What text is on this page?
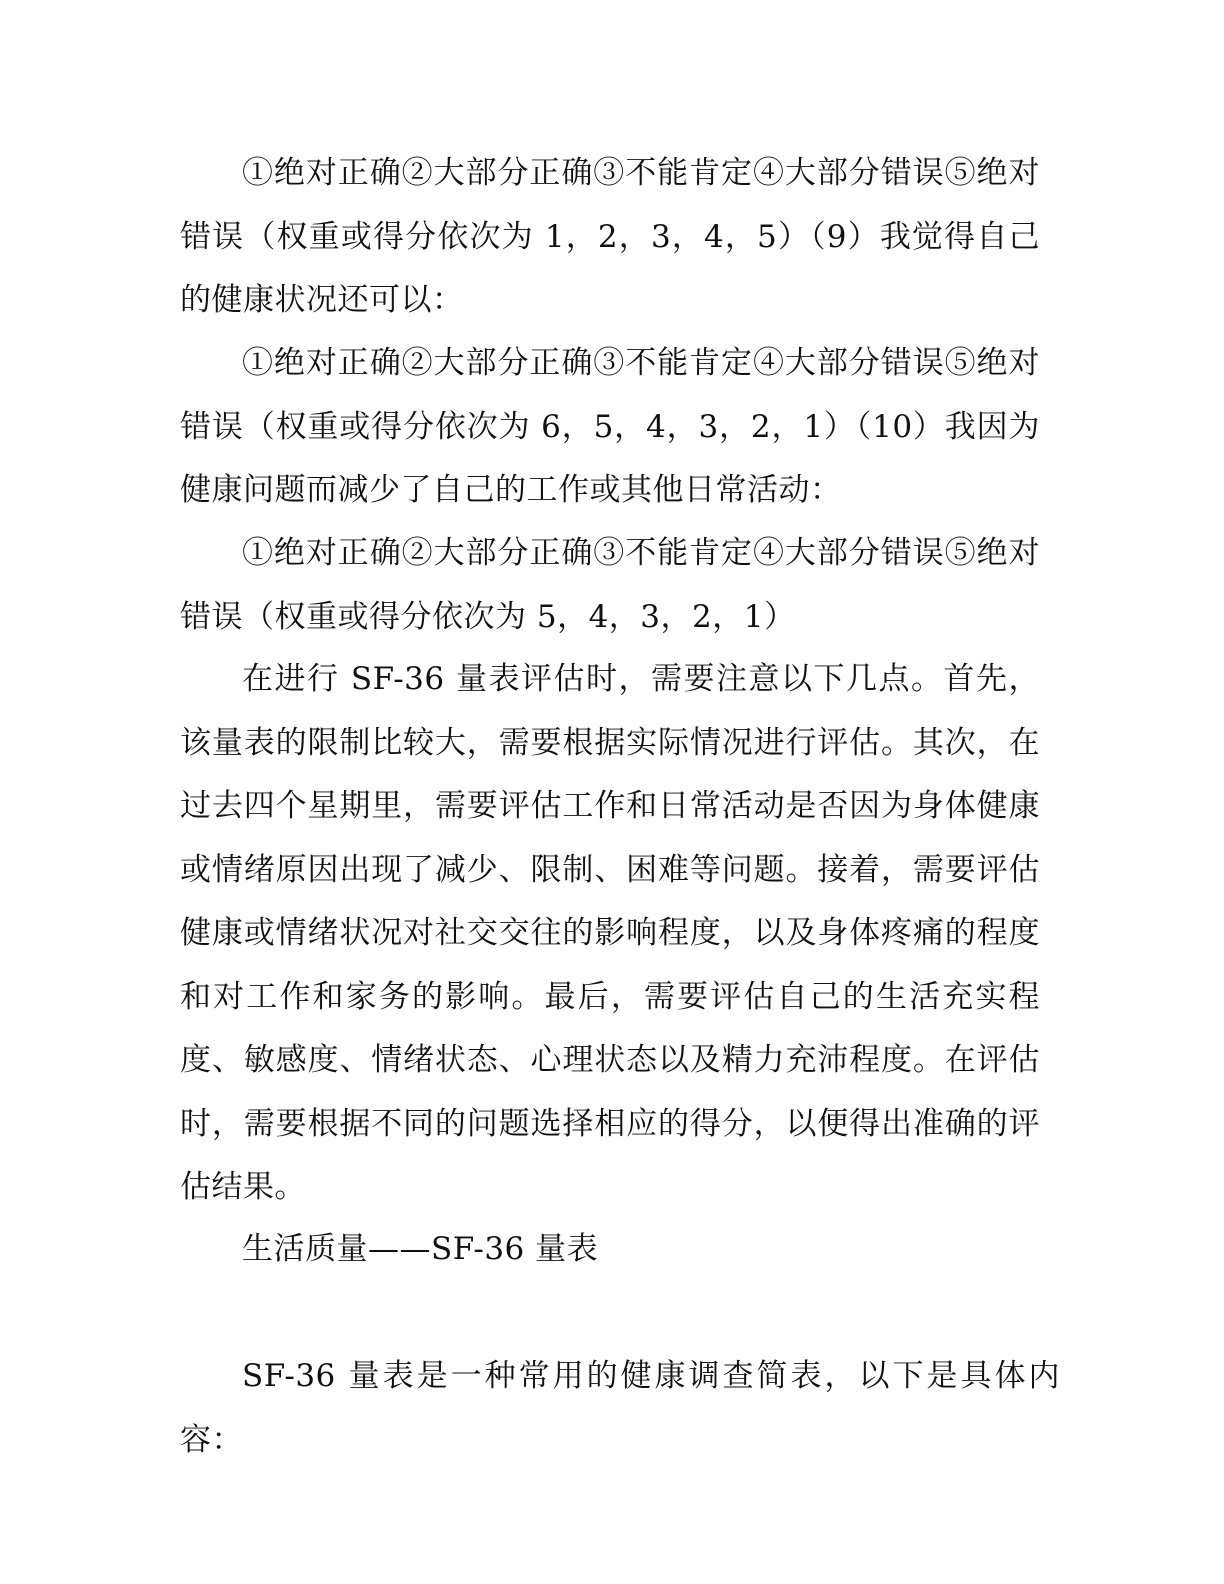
①绝对正确②大部分正确③不能肯定④大部分错误⑤绝对错误（权重或得分依次为 1，2，3，4，5）（9）我觉得自己的健康状况还可以：

①绝对正确②大部分正确③不能肯定④大部分错误⑤绝对错误（权重或得分依次为 6，5，4，3，2，1）（10）我因为健康问题而减少了自己的工作或其他日常活动：

①绝对正确②大部分正确③不能肯定④大部分错误⑤绝对错误（权重或得分依次为 5，4，3，2，1）

在进行 SF-36 量表评估时，需要注意以下几点。首先，该量表的限制比较大，需要根据实际情况进行评估。其次，在过去四个星期里，需要评估工作和日常活动是否因为身体健康或情绪原因出现了减少、限制、困难等问题。接着，需要评估健康或情绪状况对社交交往的影响程度，以及身体疼痛的程度和对工作和家务的影响。最后，需要评估自己的生活充实程度、敏感度、情绪状态、心理状态以及精力充沛程度。在评估时，需要根据不同的问题选择相应的得分，以便得出准确的评估结果。

生活质量——SF-36 量表

SF-36 量表是一种常用的健康调查简表，以下是具体内容：
